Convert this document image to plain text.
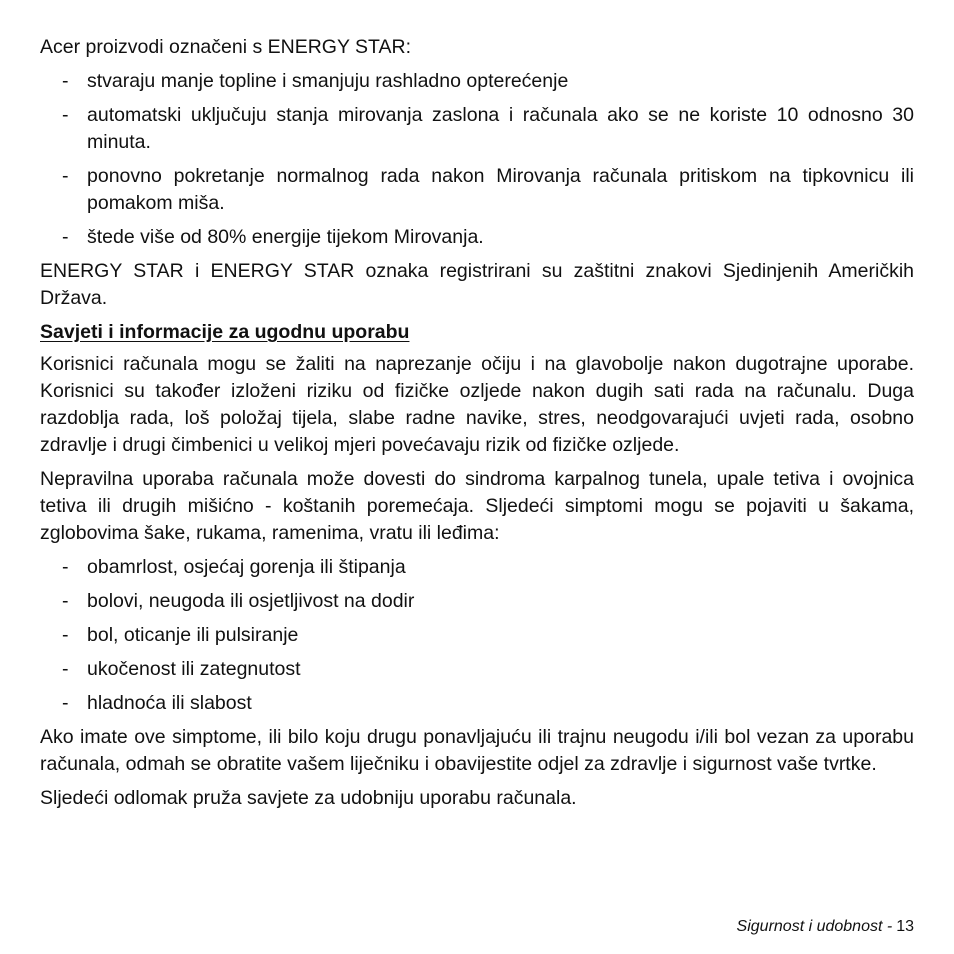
Acer proizvodi označeni s ENERGY STAR:

- stvaraju manje topline i smanjuju rashladno opterećenje
- automatski uključuju stanja mirovanja zaslona i računala ako se ne koriste 10 odnosno 30 minuta.
- ponovno pokretanje normalnog rada nakon Mirovanja računala pritiskom na tipkovnicu ili pomakom miša.
- štede više od 80% energije tijekom Mirovanja.

ENERGY STAR i ENERGY STAR oznaka registrirani su zaštitni znakovi Sjedinjenih Američkih Država.

Savjeti i informacije za ugodnu uporabu

Korisnici računala mogu se žaliti na naprezanje očiju i na glavobolje nakon dugotrajne uporabe. Korisnici su također izloženi riziku od fizičke ozljede nakon dugih sati rada na računalu. Duga razdoblja rada, loš položaj tijela, slabe radne navike, stres, neodgovarajući uvjeti rada, osobno zdravlje i drugi čimbenici u velikoj mjeri povećavaju rizik od fizičke ozljede.

Nepravilna uporaba računala može dovesti do sindroma karpalnog tunela, upale tetiva i ovojnica tetiva ili drugih mišićno - koštanih poremećaja. Sljedeći simptomi mogu se pojaviti u šakama, zglobovima šake, rukama, ramenima, vratu ili leđima:

- obamrlost, osjećaj gorenja ili štipanja
- bolovi, neugoda ili osjetljivost na dodir
- bol, oticanje ili pulsiranje
- ukočenost ili zategnutost
- hladnoća ili slabost

Ako imate ove simptome, ili bilo koju drugu ponavljajuću ili trajnu neugodu i/ili bol vezan za uporabu računala, odmah se obratite vašem liječniku i obavijestite odjel za zdravlje i sigurnost vaše tvrtke.

Sljedeći odlomak pruža savjete za udobniju uporabu računala.

Sigurnost i udobnost - 13
